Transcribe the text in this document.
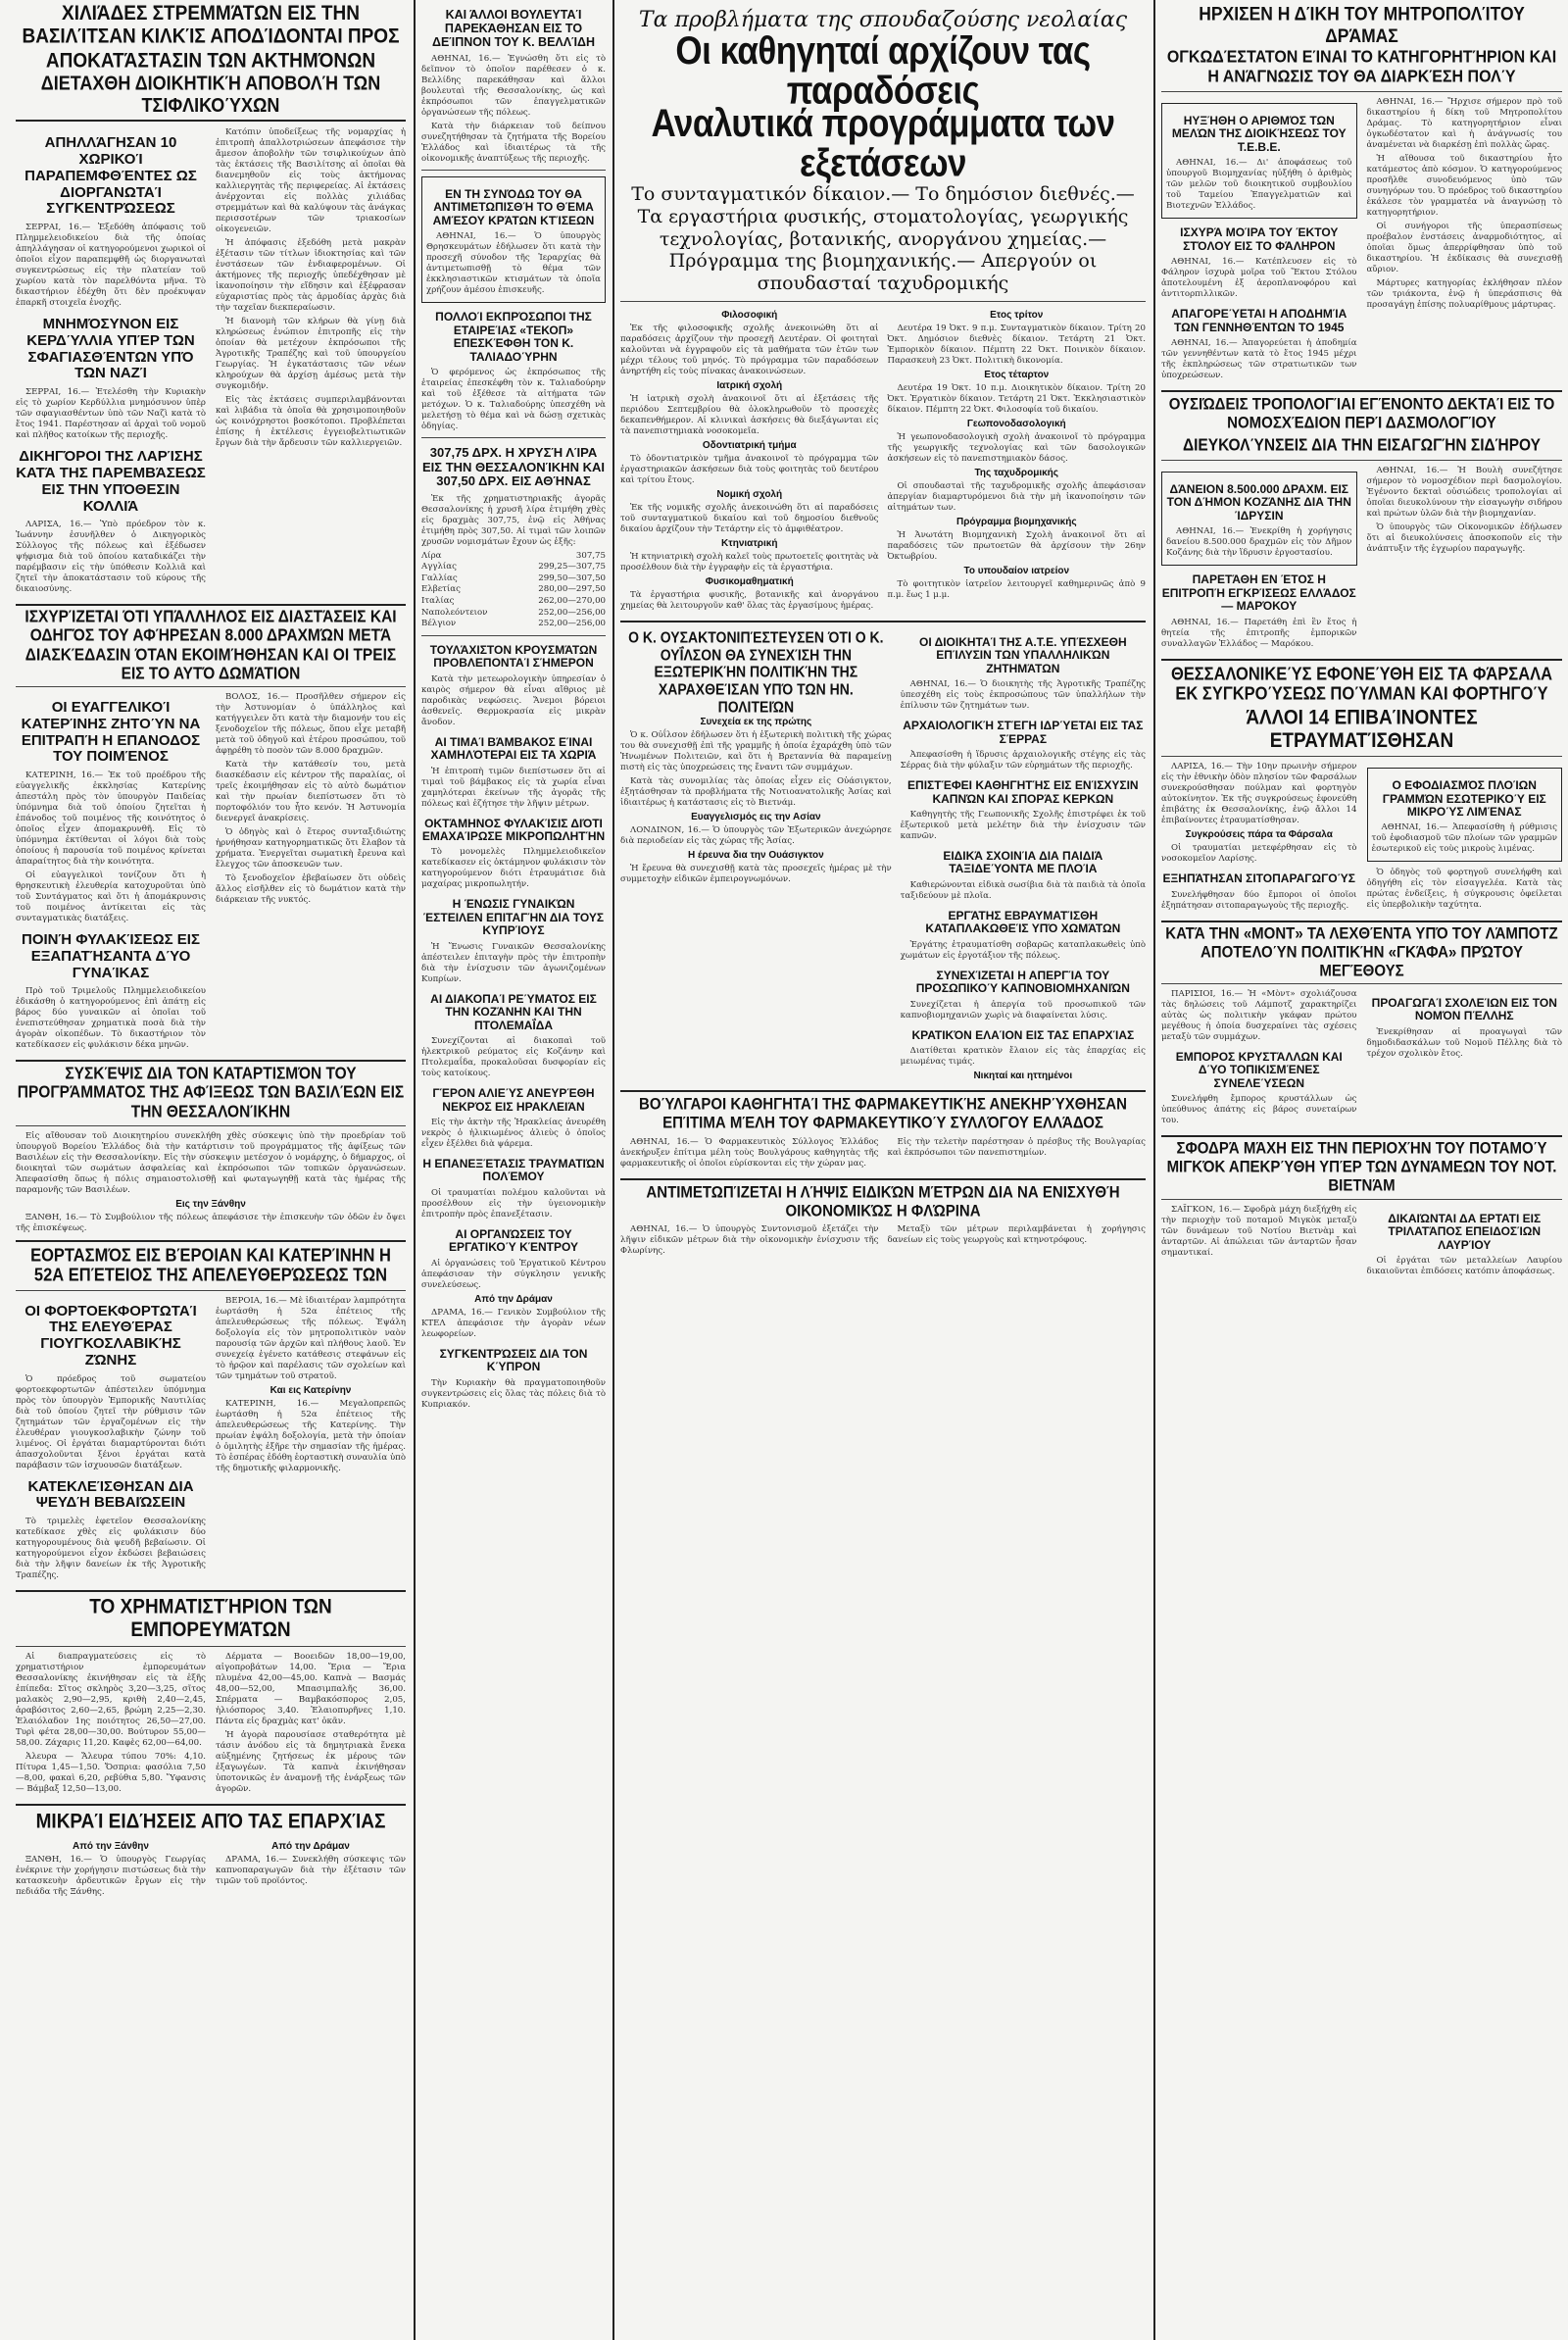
ΧΙΛΙΆΔΕΣ ΣΤΡΕΜΜΆΤΩΝ ΕΙΣ ΤΗΝ ΒΑΣΙΛΊΤΣΑΝ ΚΙΛΚΊΣ ΑΠΟΔΊΔΟΝΤΑΙ ΠΡΟΣ ΑΠΟΚΑΤΆΣΤΑΣΙΝ ΤΩΝ ΑΚΤΗΜΌΝΩΝ
ΔΙΕΤΑΧΘΗ ΔΙΟΙΚΗΤΙΚΉ ΑΠΟΒΟΛΉ ΤΩΝ ΤΣΙΦΛΙΚΟΎΧΩΝ
ΑΠΗΛΛΆΓΗΣΑΝ 10 ΧΩΡΙΚΟΊ ΠΑΡΑΠΕΜΦΘΈΝΤΕΣ ΩΣ ΔΙΟΡΓΑΝΩΤΑΊ ΣΥΓΚΕΝΤΡΏΣΕΩΣ

ΣΕΡΡΑΙ, 16.— Ἐξεδόθη ἀπόφασις τοῦ Πλημμελειοδικείου διὰ τῆς ὁποίας ἀπηλλάγησαν οἱ κατηγορούμενοι χωρικοὶ οἱ ὁποῖοι εἶχον παραπεμφθῆ ὡς διοργανωταὶ συγκεντρώσεως εἰς τὴν πλατείαν τοῦ χωρίου κατὰ τὸν παρελθόντα μῆνα. Τὸ δικαστήριον ἐδέχθη ὅτι δὲν προέκυψαν ἐπαρκῆ στοιχεῖα ἐνοχῆς.

ΜΝΗΜΌΣΥΝΟΝ ΕΙΣ ΚΕΡΔΎΛΛΙΑ ΥΠΈΡ ΤΩΝ ΣΦΑΓΙΑΣΘΈΝΤΩΝ ΥΠΌ ΤΩΝ ΝΑΖΊ

ΣΕΡΡΑΙ, 16.— Ἐτελέσθη τὴν Κυριακὴν εἰς τὸ χωρίον Κερδύλλια μνημόσυνον ὑπὲρ τῶν σφαγιασθέντων ὑπὸ τῶν Ναζὶ κατὰ τὸ ἔτος 1941. Παρέστησαν αἱ ἀρχαὶ τοῦ νομοῦ καὶ πλῆθος κατοίκων τῆς περιοχῆς.

ΔΙΚΗΓΌΡΟΙ ΤΗΣ ΛΑΡΊΣΗΣ ΚΑΤΆ ΤΗΣ ΠΑΡΕΜΒΆΣΕΩΣ ΕΙΣ ΤΗΝ ΥΠΌΘΕΣΙΝ ΚΟΛΛΙΆ

ΛΑΡΙΣΑ, 16.— Ὑπὸ πρόεδρον τὸν κ. Ἰωάννην ἐσυνῆλθεν ὁ Δικηγορικὸς Σύλλογος τῆς πόλεως καὶ ἐξέδωσεν ψήφισμα διὰ τοῦ ὁποίου καταδικάζει τὴν παρέμβασιν εἰς τὴν ὑπόθεσιν Κολλιᾶ καὶ ζητεῖ τὴν ἀποκατάστασιν τοῦ κύρους τῆς δικαιοσύνης.

Κατόπιν ὑποδείξεως τῆς νομαρχίας ἡ ἐπιτροπὴ ἀπαλλοτριώσεων ἀπεφάσισε τὴν ἄμεσον ἀποβολὴν τῶν τσιφλικούχων ἀπὸ τὰς ἐκτάσεις τῆς Βασιλίτσης αἱ ὁποῖαι θὰ διανεμηθοῦν εἰς τοὺς ἀκτήμονας καλλιεργητὰς τῆς περιφερείας. Αἱ ἐκτάσεις ἀνέρχονται εἰς πολλὰς χιλιάδας στρεμμάτων καὶ θὰ καλύψουν τὰς ἀνάγκας περισσοτέρων τῶν τριακοσίων οἰκογενειῶν.

Ἡ ἀπόφασις ἐξεδόθη μετὰ μακρὰν ἐξέτασιν τῶν τίτλων ἰδιοκτησίας καὶ τῶν ἐνστάσεων τῶν ἐνδιαφερομένων. Οἱ ἀκτήμονες τῆς περιοχῆς ὑπεδέχθησαν μὲ ἱκανοποίησιν τὴν εἴδησιν καὶ ἐξέφρασαν εὐχαριστίας πρὸς τὰς ἀρμοδίας ἀρχὰς διὰ τὴν ταχεῖαν διεκπεραίωσιν.

Ἡ διανομὴ τῶν κλήρων θὰ γίνῃ διὰ κληρώσεως ἐνώπιον ἐπιτροπῆς εἰς τὴν ὁποίαν θὰ μετέχουν ἐκπρόσωποι τῆς Ἀγροτικῆς Τραπέζης καὶ τοῦ ὑπουργείου Γεωργίας. Ἡ ἐγκατάστασις τῶν νέων κληρούχων θὰ ἀρχίσῃ ἀμέσως μετὰ τὴν συγκομιδήν.

Εἰς τὰς ἐκτάσεις συμπεριλαμβάνονται καὶ λιβάδια τὰ ὁποῖα θὰ χρησιμοποιηθοῦν ὡς κοινόχρηστοι βοσκότοποι. Προβλέπεται ἐπίσης ἡ ἐκτέλεσις ἐγγειοβελτιωτικῶν ἔργων διὰ τὴν ἄρδευσιν τῶν καλλιεργειῶν.

ΙΣΧΥΡΊΖΕΤΑΙ ΌΤΙ ΥΠΆΛΛΗΛΟΣ ΕΙΣ ΔΙΑΣΤΆΣΕΙΣ ΚΑΙ ΟΔΗΓΌΣ ΤΟΥ ΑΦΉΡΕΣΑΝ 8.000 ΔΡΑΧΜΏΝ ΜΕΤΆ ΔΙΑΣΚΈΔΑΣΙΝ ΌΤΑΝ ΕΚΟΙΜΉΘΗΣΑΝ ΚΑΙ ΟΙ ΤΡΕΙΣ ΕΙΣ ΤΟ ΑΥΤΌ ΔΩΜΆΤΙΟΝ
ΟΙ ΕΥΑΓΓΕΛΙΚΟΊ ΚΑΤΕΡΊΝΗΣ ΖΗΤΟΎΝ ΝΑ ΕΠΙΤΡΑΠΉ Η ΕΠΑΝΟΔΟΣ ΤΟΥ ΠΟΙΜΈΝΟΣ

ΚΑΤΕΡΙΝΗ, 16.— Ἐκ τοῦ προέδρου τῆς εὐαγγελικῆς ἐκκλησίας Κατερίνης ἀπεστάλη πρὸς τὸν ὑπουργὸν Παιδείας ὑπόμνημα διὰ τοῦ ὁποίου ζητεῖται ἡ ἐπάνοδος τοῦ ποιμένος τῆς κοινότητος ὁ ὁποῖος εἶχεν ἀπομακρυνθῆ. Εἰς τὸ ὑπόμνημα ἐκτίθενται οἱ λόγοι διὰ τοὺς ὁποίους ἡ παρουσία τοῦ ποιμένος κρίνεται ἀπαραίτητος διὰ τὴν κοινότητα.

Οἱ εὐαγγελικοὶ τονίζουν ὅτι ἡ θρησκευτικὴ ἐλευθερία κατοχυροῦται ὑπὸ τοῦ Συντάγματος καὶ ὅτι ἡ ἀπομάκρυνσις τοῦ ποιμένος ἀντίκειται εἰς τὰς συνταγματικὰς διατάξεις.

ΠΟΙΝΉ ΦΥΛΑΚΊΣΕΩΣ ΕΙΣ ΕΞΑΠΑΤΉΣΑΝΤΑ ΔΎΟ ΓΥΝΑΊΚΑΣ

Πρὸ τοῦ Τριμελοῦς Πλημμελειοδικείου ἐδικάσθη ὁ κατηγορούμενος ἐπὶ ἀπάτῃ εἰς βάρος δύο γυναικῶν αἱ ὁποῖαι τοῦ ἐνεπιστεύθησαν χρηματικὰ ποσὰ διὰ τὴν ἀγορὰν οἰκοπέδων. Τὸ δικαστήριον τὸν κατεδίκασεν εἰς φυλάκισιν δέκα μηνῶν.

ΒΟΛΟΣ, 16.— Προσῆλθεν σήμερον εἰς τὴν Ἀστυνομίαν ὁ ὑπάλληλος καὶ κατήγγειλεν ὅτι κατὰ τὴν διαμονήν του εἰς ξενοδοχεῖον τῆς πόλεως, ὅπου εἶχε μεταβῆ μετὰ τοῦ ὁδηγοῦ καὶ ἑτέρου προσώπου, τοῦ ἀφῃρέθη τὸ ποσὸν τῶν 8.000 δραχμῶν.

Κατὰ τὴν κατάθεσίν του, μετὰ διασκέδασιν εἰς κέντρον τῆς παραλίας, οἱ τρεῖς ἐκοιμήθησαν εἰς τὸ αὐτὸ δωμάτιον καὶ τὴν πρωίαν διεπίστωσεν ὅτι τὸ πορτοφόλιόν του ἦτο κενόν. Ἡ Ἀστυνομία διενεργεῖ ἀνακρίσεις.

Ὁ ὁδηγὸς καὶ ὁ ἕτερος συνταξιδιώτης ἠρνήθησαν κατηγορηματικῶς ὅτι ἔλαβον τὰ χρήματα. Ἐνεργεῖται σωματικὴ ἔρευνα καὶ ἔλεγχος τῶν ἀποσκευῶν των.

Τὸ ξενοδοχεῖον ἐβεβαίωσεν ὅτι οὐδεὶς ἄλλος εἰσῆλθεν εἰς τὸ δωμάτιον κατὰ τὴν διάρκειαν τῆς νυκτός.

ΣΥΣΚΈΨΙΣ ΔΙΑ ΤΟΝ ΚΑΤΑΡΤΙΣΜΌΝ ΤΟΥ ΠΡΟΓΡΆΜΜΑΤΟΣ ΤΗΣ ΑΦΊΞΕΩΣ ΤΩΝ ΒΑΣΙΛΈΩΝ ΕΙΣ ΤΗΝ ΘΕΣΣΑΛΟΝΊΚΗΝ

Εἰς αἴθουσαν τοῦ Διοικητηρίου συνεκλήθη χθὲς σύσκεψις ὑπὸ τὴν προεδρίαν τοῦ ὑπουργοῦ Βορείου Ἑλλάδος διὰ τὴν κατάρτισιν τοῦ προγράμματος τῆς ἀφίξεως τῶν Βασιλέων εἰς τὴν Θεσσαλονίκην. Εἰς τὴν σύσκεψιν μετέσχον ὁ νομάρχης, ὁ δήμαρχος, οἱ διοικηταὶ τῶν σωμάτων ἀσφαλείας καὶ ἐκπρόσωποι τῶν τοπικῶν ὀργανώσεων. Ἀπεφασίσθη ὅπως ἡ πόλις σημαιοστολισθῇ καὶ φωταγωγηθῇ κατὰ τὰς ἡμέρας τῆς παραμονῆς τῶν Βασιλέων.

Εις την Ξάνθην

ΞΑΝΘΗ, 16.— Τὸ Συμβούλιον τῆς πόλεως ἀπεφάσισε τὴν ἐπισκευὴν τῶν ὁδῶν ἐν ὄψει τῆς ἐπισκέψεως.

ΕΟΡΤΑΣΜΌΣ ΕΙΣ ΒΈΡΟΙΑΝ ΚΑΙ ΚΑΤΕΡΊΝΗΝ Η 52Α ΕΠΈΤΕΙΟΣ ΤΗΣ ΑΠΕΛΕΥΘΕΡΏΣΕΩΣ ΤΩΝ
ΟΙ ΦΟΡΤΟΕΚΦΟΡΤΩΤΑΊ ΤΗΣ ΕΛΕΥΘΈΡΑΣ ΓΙΟΥΓΚΟΣΛΑΒΙΚΉΣ ΖΏΝΗΣ

Ὁ πρόεδρος τοῦ σωματείου φορτοεκφορτωτῶν ἀπέστειλεν ὑπόμνημα πρὸς τὸν ὑπουργὸν Ἐμπορικῆς Ναυτιλίας διὰ τοῦ ὁποίου ζητεῖ τὴν ρύθμισιν τῶν ζητημάτων τῶν ἐργαζομένων εἰς τὴν ἐλευθέραν γιουγκοσλαβικὴν ζώνην τοῦ λιμένος. Οἱ ἐργάται διαμαρτύρονται διότι ἀπασχολοῦνται ξένοι ἐργάται κατὰ παράβασιν τῶν ἰσχυουσῶν διατάξεων.

ΚΑΤΕΚΛΕΊΣΘΗΣΑΝ ΔΙΑ ΨΕΥΔΉ ΒΕΒΑΙΏΣΕΙΝ

Τὸ τριμελὲς ἐφετεῖον Θεσσαλονίκης κατεδίκασε χθὲς εἰς φυλάκισιν δύο κατηγορουμένους διὰ ψευδῆ βεβαίωσιν. Οἱ κατηγορούμενοι εἶχον ἐκδώσει βεβαιώσεις διὰ τὴν λῆψιν δανείων ἐκ τῆς Ἀγροτικῆς Τραπέζης.

ΒΕΡΟΙΑ, 16.— Μὲ ἰδιαιτέραν λαμπρότητα ἑωρτάσθη ἡ 52α ἐπέτειος τῆς ἀπελευθερώσεως τῆς πόλεως. Ἐψάλη δοξολογία εἰς τὸν μητροπολιτικὸν ναὸν παρουσίᾳ τῶν ἀρχῶν καὶ πλήθους λαοῦ. Ἐν συνεχείᾳ ἐγένετο κατάθεσις στεφάνων εἰς τὸ ἡρῷον καὶ παρέλασις τῶν σχολείων καὶ τῶν τμημάτων τοῦ στρατοῦ.

Και εις Κατερίνην

ΚΑΤΕΡΙΝΗ, 16.— Μεγαλοπρεπῶς ἑωρτάσθη ἡ 52α ἐπέτειος τῆς ἀπελευθερώσεως τῆς Κατερίνης. Τὴν πρωίαν ἐψάλη δοξολογία, μετὰ τὴν ὁποίαν ὁ ὁμιλητὴς ἐξῆρε τὴν σημασίαν τῆς ἡμέρας. Τὸ ἑσπέρας ἐδόθη ἑορταστικὴ συναυλία ὑπὸ τῆς δημοτικῆς φιλαρμονικῆς.

ΤΟ ΧΡΗΜΑΤΙΣΤΉΡΙΟΝ ΤΩΝ ΕΜΠΟΡΕΥΜΆΤΩΝ

Αἱ διαπραγματεύσεις εἰς τὸ χρηματιστήριον ἐμπορευμάτων Θεσσαλονίκης ἐκινήθησαν εἰς τὰ ἑξῆς ἐπίπεδα: Σῖτος σκληρὸς 3,20—3,25, σῖτος μαλακὸς 2,90—2,95, κριθὴ 2,40—2,45, ἀραβόσιτος 2,60—2,65, βρώμη 2,25—2,30. Ἐλαιόλαδον 1ης ποιότητος 26,50—27,00. Τυρὶ φέτα 28,00—30,00. Βούτυρον 55,00—58,00. Ζάχαρις 11,20. Καφὲς 62,00—64,00.

Ἀλευρα — Ἄλευρα τύπου 70%: 4,10. Πίτυρα 1,45—1,50. Ὄσπρια: φασόλια 7,50—8,00, φακαὶ 6,20, ρεβύθια 5,80. Ὕφανσις — Βάμβαξ 12,50—13,00.

Δέρματα — Βοοειδῶν 18,00—19,00, αἰγοπροβάτων 14,00. Ἔρια — Ἔρια πλυμένα 42,00—45,00. Καπνὰ — Βασμάς 48,00—52,00, Μπασιμπαλῆς 36,00. Σπέρματα — Βαμβακόσπορος 2,05, ἡλιόσπορος 3,40. Ἐλαιοπυρῆνες 1,10. Πάντα εἰς δραχμὰς κατ' ὀκᾶν.

Ἡ ἀγορὰ παρουσίασε σταθερότητα μὲ τάσιν ἀνόδου εἰς τὰ δημητριακὰ ἕνεκα αὐξημένης ζητήσεως ἐκ μέρους τῶν ἐξαγωγέων. Τὰ καπνὰ ἐκινήθησαν ὑποτονικῶς ἐν ἀναμονῇ τῆς ἐνάρξεως τῶν ἀγορῶν.

ΜΙΚΡΑΊ ΕΙΔΉΣΕΙΣ ΑΠΌ ΤΑΣ ΕΠΑΡΧΊΑΣ
Από την Ξάνθην

ΞΑΝΘΗ, 16.— Ὁ ὑπουργὸς Γεωργίας ἐνέκρινε τὴν χορήγησιν πιστώσεως διὰ τὴν κατασκευὴν ἀρδευτικῶν ἔργων εἰς τὴν πεδιάδα τῆς Ξάνθης.

Από την Δράμαν

ΔΡΑΜΑ, 16.— Συνεκλήθη σύσκεψις τῶν καπνοπαραγωγῶν διὰ τὴν ἐξέτασιν τῶν τιμῶν τοῦ προϊόντος.

ΚΑΙ ΆΛΛΟΙ ΒΟΥΛΕΥΤΑΊ ΠΑΡΕΚΆΘΗΣΑΝ ΕΙΣ ΤΟ ΔΕΊΠΝΟΝ ΤΟΥ Κ. ΒΕΛΛΊΔΗ

ΑΘΗΝΑΙ, 16.— Ἐγνώσθη ὅτι εἰς τὸ δεῖπνον τὸ ὁποῖον παρέθεσεν ὁ κ. Βελλίδης παρεκάθησαν καὶ ἄλλοι βουλευταὶ τῆς Θεσσαλονίκης, ὡς καὶ ἐκπρόσωποι τῶν ἐπαγγελματικῶν ὀργανώσεων τῆς πόλεως.

Κατὰ τὴν διάρκειαν τοῦ δείπνου συνεζητήθησαν τὰ ζητήματα τῆς Βορείου Ἑλλάδος καὶ ἰδιαιτέρως τὰ τῆς οἰκονομικῆς ἀναπτύξεως τῆς περιοχῆς.

ΕΝ ΤΗ ΣΥΝΌΔΩ ΤΟΥ ΘΑ ΑΝΤΙΜΕΤΩΠΙΣΘΉ ΤΟ ΘΈΜΑ ΑΜΈΣΟΥ ΚΡΆΤΩΝ ΚΤΊΣΕΩΝ

ΑΘΗΝΑΙ, 16.— Ὁ ὑπουργὸς Θρησκευμάτων ἐδήλωσεν ὅτι κατὰ τὴν προσεχῆ σύνοδον τῆς Ἱεραρχίας θὰ ἀντιμετωπισθῇ τὸ θέμα τῶν ἐκκλησιαστικῶν κτισμάτων τὰ ὁποῖα χρήζουν ἀμέσου ἐπισκευῆς.

ΠΟΛΛΟΊ ΕΚΠΡΌΣΩΠΟΙ ΤΗΣ ΕΤΑΙΡΕΊΑΣ «ΤΕΚΟΠ» ΕΠΕΣΚΈΦΘΗ ΤΟΝ Κ. ΤΑΛΙΑΔΟΎΡΗΝ

Ὁ φερόμενος ὡς ἐκπρόσωπος τῆς ἑταιρείας ἐπεσκέφθη τὸν κ. Ταλιαδούρην καὶ τοῦ ἐξέθεσε τὰ αἰτήματα τῶν μετόχων. Ὁ κ. Ταλιαδούρης ὑπεσχέθη νὰ μελετήσῃ τὸ θέμα καὶ νὰ δώσῃ σχετικὰς ὁδηγίας.

307,75 ΔΡΧ. Η ΧΡΥΣΉ ΛΊΡΑ ΕΙΣ ΤΗΝ ΘΕΣΣΑΛΟΝΊΚΗΝ ΚΑΙ 307,50 ΔΡΧ. ΕΙΣ ΑΘΉΝΑΣ

Ἐκ τῆς χρηματιστηριακῆς ἀγορᾶς Θεσσαλονίκης ἡ χρυσῆ λίρα ἐτιμήθη χθὲς εἰς δραχμὰς 307,75, ἐνῷ εἰς Ἀθήνας ἐτιμήθη πρὸς 307,50. Αἱ τιμαὶ τῶν λοιπῶν χρυσῶν νομισμάτων ἔχουν ὡς ἑξῆς:

Λίρα	307,75
Αγγλίας	299,25—307,75
Γαλλίας	299,50—307,50
Ελβετίας	280,00—297,50
Ιταλίας	262,00—270,00
Ναπολεόντειον	252,00—256,00
Βέλγιον	252,00—256,00
ΤΟΥΛΆΧΙΣΤΟΝ ΚΡΟΥΣΜΆΤΩΝ ΠΡΟΒΛΕΠΟΝΤΑΊ ΣΉΜΕΡΟΝ

Κατὰ τὴν μετεωρολογικὴν ὑπηρεσίαν ὁ καιρὸς σήμερον θὰ εἶναι αἴθριος μὲ παροδικὰς νεφώσεις. Ἄνεμοι βόρειοι ἀσθενεῖς. Θερμοκρασία εἰς μικρὰν ἄνοδον.

ΑΙ ΤΙΜΑΊ ΒΆΜΒΑΚΟΣ ΕΊΝΑΙ ΧΑΜΗΛΌΤΕΡΑΙ ΕΙΣ ΤΑ ΧΩΡΙΆ

Ἡ ἐπιτροπὴ τιμῶν διεπίστωσεν ὅτι αἱ τιμαὶ τοῦ βάμβακος εἰς τὰ χωρία εἶναι χαμηλότεραι ἐκείνων τῆς ἀγορᾶς τῆς πόλεως καὶ ἐζήτησε τὴν λῆψιν μέτρων.

ΟΚΤΆΜΗΝΟΣ ΦΥΛΑΚΊΣΙΣ ΔΙΌΤΙ ΕΜΑΧΑΊΡΩΣΕ ΜΙΚΡΟΠΩΛΗΤΉΝ

Τὸ μονομελὲς Πλημμελειοδικεῖον κατεδίκασεν εἰς ὀκτάμηνον φυλάκισιν τὸν κατηγορούμενον διότι ἐτραυμάτισε διὰ μαχαίρας μικροπωλητήν.

Η ΈΝΩΣΙΣ ΓΥΝΑΙΚΏΝ ΈΣΤΕΙΛΕΝ ΕΠΙΤΑΓΉΝ ΔΙΑ ΤΟΥΣ ΚΥΠΡΊΟΥΣ

Ἡ Ἕνωσις Γυναικῶν Θεσσαλονίκης ἀπέστειλεν ἐπιταγὴν πρὸς τὴν ἐπιτροπὴν διὰ τὴν ἐνίσχυσιν τῶν ἀγωνιζομένων Κυπρίων.

ΑΙ ΔΙΑΚΟΠΑΊ ΡΕΎΜΑΤΟΣ ΕΙΣ ΤΗΝ ΚΟΖΆΝΗΝ ΚΑΙ ΤΗΝ ΠΤΟΛΕΜΑΪ́ΔΑ

Συνεχίζονται αἱ διακοπαὶ τοῦ ἠλεκτρικοῦ ρεύματος εἰς Κοζάνην καὶ Πτολεμαΐδα, προκαλοῦσαι δυσφορίαν εἰς τοὺς κατοίκους.

ΓΈΡΟΝ ΑΛΙΕΎΣ ΑΝΕΥΡΈΘΗ ΝΕΚΡΌΣ ΕΙΣ ΗΡΑΚΛΕΙΆΝ

Εἰς τὴν ἀκτὴν τῆς Ἡρακλείας ἀνευρέθη νεκρὸς ὁ ἡλικιωμένος ἁλιεὺς ὁ ὁποῖος εἶχεν ἐξέλθει διὰ ψάρεμα.

Η ΕΠΑΝΕΞΈΤΑΣΙΣ ΤΡΑΥΜΑΤΙΏΝ ΠΟΛΈΜΟΥ

Οἱ τραυματίαι πολέμου καλοῦνται νὰ προσέλθουν εἰς τὴν ὑγειονομικὴν ἐπιτροπὴν πρὸς ἐπανεξέτασιν.

ΑΙ ΟΡΓΑΝΏΣΕΙΣ ΤΟΥ ΕΡΓΑΤΙΚΟΎ ΚΈΝΤΡΟΥ

Αἱ ὀργανώσεις τοῦ Ἐργατικοῦ Κέντρου ἀπεφάσισαν τὴν σύγκλησιν γενικῆς συνελεύσεως.

Από την Δράμαν

ΔΡΑΜΑ, 16.— Γενικὸν Συμβούλιον τῆς ΚΤΕΛ ἀπεφάσισε τὴν ἀγορὰν νέων λεωφορείων.

ΣΥΓΚΕΝΤΡΏΣΕΙΣ ΔΙΑ ΤΟΝ ΚΎΠΡΟΝ

Τὴν Κυριακὴν θὰ πραγματοποιηθοῦν συγκεντρώσεις εἰς ὅλας τὰς πόλεις διὰ τὸ Κυπριακόν.

Τα προβλήματα της σπουδαζούσης νεολαίας
Οι καθηγηταί αρχίζουν τας παραδόσεις
Αναλυτικά προγράμματα των εξετάσεων
Το συνταγματικόν δίκαιον.— Το δημόσιον διεθνές.— Τα εργαστήρια φυσικής, στοματολογίας, γεωργικής τεχνολογίας, βοτανικής, ανοργάνου χημείας.— Πρόγραμμα της βιομηχανικής.— Απεργούν οι σπουδασταί ταχυδρομικής
Φιλοσοφική

Ἐκ τῆς φιλοσοφικῆς σχολῆς ἀνεκοινώθη ὅτι αἱ παραδόσεις ἀρχίζουν τὴν προσεχῆ Δευτέραν. Οἱ φοιτηταὶ καλοῦνται νὰ ἐγγραφοῦν εἰς τὰ μαθήματα τῶν ἐτῶν των μέχρι τέλους τοῦ μηνός. Τὸ πρόγραμμα τῶν παραδόσεων ἀνηρτήθη εἰς τοὺς πίνακας ἀνακοινώσεων.

Ιατρική σχολή

Ἡ ἰατρικὴ σχολὴ ἀνακοινοῖ ὅτι αἱ ἐξετάσεις τῆς περιόδου Σεπτεμβρίου θὰ ὁλοκληρωθοῦν τὸ προσεχὲς δεκαπενθήμερον. Αἱ κλινικαὶ ἀσκήσεις θὰ διεξάγωνται εἰς τὰ πανεπιστημιακὰ νοσοκομεῖα.

Οδοντιατρική τμήμα

Τὸ ὀδοντιατρικὸν τμῆμα ἀνακοινοῖ τὸ πρόγραμμα τῶν ἐργαστηριακῶν ἀσκήσεων διὰ τοὺς φοιτητὰς τοῦ δευτέρου καὶ τρίτου ἔτους.

Νομική σχολή

Ἐκ τῆς νομικῆς σχολῆς ἀνεκοινώθη ὅτι αἱ παραδόσεις τοῦ συνταγματικοῦ δικαίου καὶ τοῦ δημοσίου διεθνοῦς δικαίου ἀρχίζουν τὴν Τετάρτην εἰς τὸ ἀμφιθέατρον.

Κτηνιατρική

Ἡ κτηνιατρικὴ σχολὴ καλεῖ τοὺς πρωτοετεῖς φοιτητὰς νὰ προσέλθουν διὰ τὴν ἐγγραφὴν εἰς τὰ ἐργαστήρια.

Φυσικομαθηματική

Τὰ ἐργαστήρια φυσικῆς, βοτανικῆς καὶ ἀνοργάνου χημείας θὰ λειτουργοῦν καθ' ὅλας τὰς ἐργασίμους ἡμέρας.

Ετος τρίτον

Δευτέρα 19 Ὀκτ. 9 π.μ. Συνταγματικὸν δίκαιον. Τρίτη 20 Ὀκτ. Δημόσιον διεθνὲς δίκαιον. Τετάρτη 21 Ὀκτ. Ἐμπορικὸν δίκαιον. Πέμπτη 22 Ὀκτ. Ποινικὸν δίκαιον. Παρασκευὴ 23 Ὀκτ. Πολιτικὴ δικονομία.

Ετος τέταρτον

Δευτέρα 19 Ὀκτ. 10 π.μ. Διοικητικὸν δίκαιον. Τρίτη 20 Ὀκτ. Ἐργατικὸν δίκαιον. Τετάρτη 21 Ὀκτ. Ἐκκλησιαστικὸν δίκαιον. Πέμπτη 22 Ὀκτ. Φιλοσοφία τοῦ δικαίου.

Γεωπονοδασολογική

Ἡ γεωπονοδασολογικὴ σχολὴ ἀνακοινοῖ τὸ πρόγραμμα τῆς γεωργικῆς τεχνολογίας καὶ τῶν δασολογικῶν ἀσκήσεων εἰς τὸ πανεπιστημιακὸν δάσος.

Της ταχυδρομικής

Οἱ σπουδασταὶ τῆς ταχυδρομικῆς σχολῆς ἀπεφάσισαν ἀπεργίαν διαμαρτυρόμενοι διὰ τὴν μὴ ἱκανοποίησιν τῶν αἰτημάτων των.

Πρόγραμμα βιομηχανικής

Ἡ Ἀνωτάτη Βιομηχανικὴ Σχολὴ ἀνακοινοῖ ὅτι αἱ παραδόσεις τῶν πρωτοετῶν θὰ ἀρχίσουν τὴν 26ην Ὀκτωβρίου.

Το υπουδαίον ιατρείον

Τὸ φοιτητικὸν ἰατρεῖον λειτουργεῖ καθημερινῶς ἀπὸ 9 π.μ. ἕως 1 μ.μ.

Ο Κ. ΟΥΣΑΚΤΟΝΙΠΈΣΤΕΥΣΕΝ ΌΤΙ Ο Κ. ΟΥΪ́ΛΣΟΝ ΘΑ ΣΥΝΕΧΊΣΗ ΤΗΝ ΕΞΩΤΕΡΙΚΉΝ ΠΟΛΙΤΙΚΉΝ ΤΗΣ ΧΑΡΑΧΘΕΊΣΑΝ ΥΠΌ ΤΩΝ ΗΝ. ΠΟΛΙΤΕΙΏΝ
Συνεχεία εκ της πρώτης

Ὁ κ. Οὐΐλσον ἐδήλωσεν ὅτι ἡ ἐξωτερικὴ πολιτικὴ τῆς χώρας του θὰ συνεχισθῇ ἐπὶ τῆς γραμμῆς ἡ ὁποία ἐχαράχθη ὑπὸ τῶν Ἡνωμένων Πολιτειῶν, καὶ ὅτι ἡ Βρεταννία θὰ παραμείνῃ πιστὴ εἰς τὰς ὑποχρεώσεις της ἔναντι τῶν συμμάχων.

Κατὰ τὰς συνομιλίας τὰς ὁποίας εἶχεν εἰς Οὐάσιγκτον, ἐξητάσθησαν τὰ προβλήματα τῆς Νοτιοανατολικῆς Ἀσίας καὶ ἰδιαιτέρως ἡ κατάστασις εἰς τὸ Βιετνάμ.

Ευαγγελισμός εις την Ασίαν

ΛΟΝΔΙΝΟΝ, 16.— Ὁ ὑπουργὸς τῶν Ἐξωτερικῶν ἀνεχώρησε διὰ περιοδείαν εἰς τὰς χώρας τῆς Ἀσίας.

Η έρευνα δια την Ουάσιγκτον

Ἡ ἔρευνα θὰ συνεχισθῇ κατὰ τὰς προσεχεῖς ἡμέρας μὲ τὴν συμμετοχὴν εἰδικῶν ἐμπειρογνωμόνων.

ΟΙ ΔΙΟΙΚΗΤΑΊ ΤΗΣ Α.Τ.Ε. ΥΠΈΣΧΕΘΗ ΕΠΊΛΥΣΙΝ ΤΩΝ ΥΠΑΛΛΗΛΙΚΏΝ ΖΗΤΗΜΆΤΩΝ

ΑΘΗΝΑΙ, 16.— Ὁ διοικητὴς τῆς Ἀγροτικῆς Τραπέζης ὑπεσχέθη εἰς τοὺς ἐκπροσώπους τῶν ὑπαλλήλων τὴν ἐπίλυσιν τῶν ζητημάτων των.

ΑΡΧΑΙΟΛΟΓΙΚΉ ΣΤΈΓΗ ΙΔΡΎΕΤΑΙ ΕΙΣ ΤΑΣ ΣΈΡΡΑΣ

Ἀπεφασίσθη ἡ ἵδρυσις ἀρχαιολογικῆς στέγης εἰς τὰς Σέρρας διὰ τὴν φύλαξιν τῶν εὑρημάτων τῆς περιοχῆς.

ΕΠΙΣΤΈΦΕΙ ΚΑΘΗΓΗΤΉΣ ΕΙΣ ΕΝΊΣΧΥΣΙΝ ΚΑΠΝΏΝ ΚΑΙ ΣΠΟΡΆΣ ΚΕΡΚΩΝ

Καθηγητὴς τῆς Γεωπονικῆς Σχολῆς ἐπιστρέφει ἐκ τοῦ ἐξωτερικοῦ μετὰ μελέτην διὰ τὴν ἐνίσχυσιν τῶν καπνῶν.

ΕΙΔΙΚΆ ΣΧΟΙΝΊΑ ΔΙΑ ΠΑΙΔΙΆ ΤΑΞΙΔΕΎΟΝΤΑ ΜΕ ΠΛΟΊΑ

Καθιερώνονται εἰδικὰ σωσίβια διὰ τὰ παιδιὰ τὰ ὁποῖα ταξιδεύουν μὲ πλοῖα.

ΕΡΓΆΤΗΣ ΕΒΡΑΥΜΑΤΊΣΘΗ ΚΑΤΑΠΛΑΚΩΘΕΊΣ ΥΠΌ ΧΩΜΆΤΩΝ

Ἐργάτης ἐτραυματίσθη σοβαρῶς καταπλακωθεὶς ὑπὸ χωμάτων εἰς ἐργοτάξιον τῆς πόλεως.

ΣΥΝΕΧΊΖΕΤΑΙ Η ΑΠΕΡΓΊΑ ΤΟΥ ΠΡΟΣΩΠΙΚΟΎ ΚΑΠΝΟΒΙΟΜΗΧΑΝΙΏΝ

Συνεχίζεται ἡ ἀπεργία τοῦ προσωπικοῦ τῶν καπνοβιομηχανιῶν χωρὶς νὰ διαφαίνεται λύσις.

ΚΡΑΤΙΚΌΝ ΕΛΑΊΟΝ ΕΙΣ ΤΑΣ ΕΠΑΡΧΊΑΣ

Διατίθεται κρατικὸν ἔλαιον εἰς τὰς ἐπαρχίας εἰς μειωμένας τιμάς.

Νικηταί και ηττημένοι
ΒΟΎΛΓΑΡΟΙ ΚΑΘΗΓΗΤΑΊ ΤΗΣ ΦΑΡΜΑΚΕΥΤΙΚΉΣ ΑΝΕΚΗΡΎΧΘΗΣΑΝ ΕΠΊΤΙΜΑ ΜΈΛΗ ΤΟΥ ΦΑΡΜΑΚΕΥΤΙΚΟΎ ΣΥΛΛΌΓΟΥ ΕΛΛΆΔΟΣ

ΑΘΗΝΑΙ, 16.— Ὁ Φαρμακευτικὸς Σύλλογος Ἑλλάδος ἀνεκήρυξεν ἐπίτιμα μέλη τοὺς Βουλγάρους καθηγητὰς τῆς φαρμακευτικῆς οἱ ὁποῖοι εὑρίσκονται εἰς τὴν χώραν μας.

Εἰς τὴν τελετὴν παρέστησαν ὁ πρέσβυς τῆς Βουλγαρίας καὶ ἐκπρόσωποι τῶν πανεπιστημίων.

ΑΝΤΙΜΕΤΩΠΊΖΕΤΑΙ Η ΛΉΨΙΣ ΕΙΔΙΚΏΝ ΜΈΤΡΩΝ ΔΙΑ ΝΑ ΕΝΙΣΧΥΘΉ ΟΙΚΟΝΟΜΙΚΏΣ Η ΦΛΏΡΙΝΑ

ΑΘΗΝΑΙ, 16.— Ὁ ὑπουργὸς Συντονισμοῦ ἐξετάζει τὴν λῆψιν εἰδικῶν μέτρων διὰ τὴν οἰκονομικὴν ἐνίσχυσιν τῆς Φλωρίνης.

Μεταξὺ τῶν μέτρων περιλαμβάνεται ἡ χορήγησις δανείων εἰς τοὺς γεωργοὺς καὶ κτηνοτρόφους.

ΗΡΧΙΣΕΝ Η ΔΊΚΗ ΤΟΥ ΜΗΤΡΟΠΟΛΊΤΟΥ ΔΡΆΜΑΣ
ΟΓΚΩΔΈΣΤΑΤΟΝ ΕΊΝΑΙ ΤΟ ΚΑΤΗΓΟΡΗΤΉΡΙΟΝ ΚΑΙ Η ΑΝΆΓΝΩΣΙΣ ΤΟΥ ΘΑ ΔΙΑΡΚΈΣΗ ΠΟΛΎ
ΗΥΞΉΘΗ Ο ΑΡΙΘΜΌΣ ΤΩΝ ΜΕΛΏΝ ΤΗΣ ΔΙΟΙΚΉΣΕΩΣ ΤΟΥ Τ.Ε.Β.Ε.

ΑΘΗΝΑΙ, 16.— Δι' ἀποφάσεως τοῦ ὑπουργοῦ Βιομηχανίας ηὐξήθη ὁ ἀριθμὸς τῶν μελῶν τοῦ διοικητικοῦ συμβουλίου τοῦ Ταμείου Ἐπαγγελματιῶν καὶ Βιοτεχνῶν Ἑλλάδος.

ΙΣΧΥΡΆ ΜΟΊΡΑ ΤΟΥ ΈΚΤΟΥ ΣΤΌΛΟΥ ΕΙΣ ΤΟ ΦΆΛΗΡΟΝ

ΑΘΗΝΑΙ, 16.— Κατέπλευσεν εἰς τὸ Φάληρον ἰσχυρὰ μοῖρα τοῦ Ἕκτου Στόλου ἀποτελουμένη ἐξ ἀεροπλανοφόρου καὶ ἀντιτορπιλλικῶν.

ΑΠΑΓΟΡΕΎΕΤΑΙ Η ΑΠΟΔΗΜΊΑ ΤΩΝ ΓΕΝΝΗΘΈΝΤΩΝ ΤΟ 1945

ΑΘΗΝΑΙ, 16.— Ἀπαγορεύεται ἡ ἀποδημία τῶν γεννηθέντων κατὰ τὸ ἔτος 1945 μέχρι τῆς ἐκπληρώσεως τῶν στρατιωτικῶν των ὑποχρεώσεων.

ΑΘΗΝΑΙ, 16.— Ἤρχισε σήμερον πρὸ τοῦ δικαστηρίου ἡ δίκη τοῦ Μητροπολίτου Δράμας. Τὸ κατηγορητήριον εἶναι ὀγκωδέστατον καὶ ἡ ἀνάγνωσίς του ἀναμένεται νὰ διαρκέσῃ ἐπὶ πολλὰς ὥρας.

Ἡ αἴθουσα τοῦ δικαστηρίου ἦτο κατάμεστος ἀπὸ κόσμον. Ὁ κατηγορούμενος προσῆλθε συνοδευόμενος ὑπὸ τῶν συνηγόρων του. Ὁ πρόεδρος τοῦ δικαστηρίου ἐκάλεσε τὸν γραμματέα νὰ ἀναγνώσῃ τὸ κατηγορητήριον.

Οἱ συνήγοροι τῆς ὑπερασπίσεως προέβαλον ἐνστάσεις ἀναρμοδιότητος, αἱ ὁποῖαι ὅμως ἀπερρίφθησαν ὑπὸ τοῦ δικαστηρίου. Ἡ ἐκδίκασις θὰ συνεχισθῇ αὔριον.

Μάρτυρες κατηγορίας ἐκλήθησαν πλέον τῶν τριάκοντα, ἐνῷ ἡ ὑπεράσπισις θὰ προσαγάγῃ ἐπίσης πολυαρίθμους μάρτυρας.

ΟΥΣΙΏΔΕΙΣ ΤΡΟΠΟΛΟΓΊΑΙ ΕΓΈΝΟΝΤΟ ΔΕΚΤΑΊ ΕΙΣ ΤΟ ΝΟΜΟΣΧΈΔΙΟΝ ΠΕΡΊ ΔΑΣΜΟΛΟΓΊΟΥ
ΔΙΕΥΚΟΛΎΝΣΕΙΣ ΔΙΑ ΤΗΝ ΕΙΣΑΓΩΓΉΝ ΣΙΔΉΡΟΥ
ΔΆΝΕΙΟΝ 8.500.000 ΔΡΑΧΜ. ΕΙΣ ΤΟΝ ΔΉΜΟΝ ΚΟΖΆΝΗΣ ΔΙΑ ΤΗΝ ΊΔΡΥΣΙΝ

ΑΘΗΝΑΙ, 16.— Ἐνεκρίθη ἡ χορήγησις δανείου 8.500.000 δραχμῶν εἰς τὸν Δῆμον Κοζάνης διὰ τὴν ἵδρυσιν ἐργοστασίου.

ΠΑΡΕΤΆΘΗ ΕΝ ΈΤΟΣ Η ΕΠΙΤΡΟΠΉ ΕΓΚΡΊΣΕΩΣ ΕΛΛΆΔΟΣ — ΜΑΡΌΚΟΥ

ΑΘΗΝΑΙ, 16.— Παρετάθη ἐπὶ ἓν ἔτος ἡ θητεία τῆς ἐπιτροπῆς ἐμπορικῶν συναλλαγῶν Ἑλλάδος — Μαρόκου.

ΑΘΗΝΑΙ, 16.— Ἡ Βουλὴ συνεζήτησε σήμερον τὸ νομοσχέδιον περὶ δασμολογίου. Ἐγένοντο δεκταὶ οὐσιώδεις τροπολογίαι αἱ ὁποῖαι διευκολύνουν τὴν εἰσαγωγὴν σιδήρου καὶ πρώτων ὑλῶν διὰ τὴν βιομηχανίαν.

Ὁ ὑπουργὸς τῶν Οἰκονομικῶν ἐδήλωσεν ὅτι αἱ διευκολύνσεις ἀποσκοποῦν εἰς τὴν ἀνάπτυξιν τῆς ἐγχωρίου παραγωγῆς.

ΘΕΣΣΑΛΟΝΙΚΕΎΣ ΕΦΟΝΕΎΘΗ ΕΙΣ ΤΑ ΦΆΡΣΑΛΑ ΕΚ ΣΥΓΚΡΟΎΣΕΩΣ ΠΟΎΛΜΑΝ ΚΑΙ ΦΟΡΤΗΓΟΎ
ΆΛΛΟΙ 14 ΕΠΙΒΑΊΝΟΝΤΕΣ ΕΤΡΑΥΜΑΤΊΣΘΗΣΑΝ

ΛΑΡΙΣΑ, 16.— Τὴν 10ην πρωινὴν σήμερον εἰς τὴν ἐθνικὴν ὁδὸν πλησίον τῶν Φαρσάλων συνεκρούσθησαν πούλμαν καὶ φορτηγὸν αὐτοκίνητον. Ἐκ τῆς συγκρούσεως ἐφονεύθη ἐπιβάτης ἐκ Θεσσαλονίκης, ἐνῷ ἄλλοι 14 ἐπιβαίνοντες ἐτραυματίσθησαν.

Συγκρούσεις πάρα τα Φάρσαλα

Οἱ τραυματίαι μετεφέρθησαν εἰς τὸ νοσοκομεῖον Λαρίσης.

ΕΞΗΠΆΤΗΣΑΝ ΣΙΤΟΠΑΡΑΓΩΓΟΎΣ

Συνελήφθησαν δύο ἔμποροι οἱ ὁποῖοι ἐξηπάτησαν σιτοπαραγωγοὺς τῆς περιοχῆς.

Ο ΕΦΟΔΙΑΣΜΌΣ ΠΛΟΊΩΝ ΓΡΑΜΜΏΝ ΕΣΩΤΕΡΙΚΟΎ ΕΙΣ ΜΙΚΡΟΎΣ ΛΙΜΈΝΑΣ

ΑΘΗΝΑΙ, 16.— Ἀπεφασίσθη ἡ ρύθμισις τοῦ ἐφοδιασμοῦ τῶν πλοίων τῶν γραμμῶν ἐσωτερικοῦ εἰς τοὺς μικροὺς λιμένας.

Ὁ ὁδηγὸς τοῦ φορτηγοῦ συνελήφθη καὶ ὁδηγήθη εἰς τὸν εἰσαγγελέα. Κατὰ τὰς πρώτας ἐνδείξεις, ἡ σύγκρουσις ὀφείλεται εἰς ὑπερβολικὴν ταχύτητα.

ΚΑΤΆ ΤΗΝ «ΜΟΝΤ» ΤΑ ΛΕΧΘΈΝΤΑ ΥΠΌ ΤΟΥ ΛΆΜΠΟΤΖ ΑΠΟΤΕΛΟΎΝ ΠΟΛΙΤΙΚΉΝ «ΓΚΆΦΑ» ΠΡΏΤΟΥ ΜΕΓΈΘΟΥΣ

ΠΑΡΙΣΙΟΙ, 16.— Ἡ «Μὸντ» σχολιάζουσα τὰς δηλώσεις τοῦ Λάμποτζ χαρακτηρίζει αὐτὰς ὡς πολιτικὴν γκάφαν πρώτου μεγέθους ἡ ὁποία δυσχεραίνει τὰς σχέσεις μεταξὺ τῶν συμμάχων.

ΕΜΠΟΡΟΣ ΚΡΥΣΤΆΛΛΩΝ ΚΑΙ ΔΎΟ ΤΟΠΙΚΙΣΜΈΝΕΣ ΣΥΝΕΛΕΎΣΕΩΝ

Συνελήφθη ἔμπορος κρυστάλλων ὡς ὑπεύθυνος ἀπάτης εἰς βάρος συνεταίρων του.

ΠΡΟΑΓΩΓΑΊ ΣΧΟΛΕΊΩΝ ΕΙΣ ΤΟΝ ΝΟΜΌΝ ΠΈΛΛΗΣ

Ἐνεκρίθησαν αἱ προαγωγαὶ τῶν δημοδιδασκάλων τοῦ Νομοῦ Πέλλης διὰ τὸ τρέχον σχολικὸν ἔτος.

ΣΦΟΔΡΆ ΜΆΧΗ ΕΙΣ ΤΗΝ ΠΕΡΙΟΧΉΝ ΤΟΥ ΠΟΤΑΜΟΎ ΜΙΓΚΌΚ ΑΠΕΚΡΎΘΗ ΥΠΈΡ ΤΩΝ ΔΥΝΆΜΕΩΝ ΤΟΥ ΝΟΤ. ΒΙΕΤΝΆΜ

ΣΑΪΓΚΟΝ, 16.— Σφοδρὰ μάχη διεξήχθη εἰς τὴν περιοχὴν τοῦ ποταμοῦ Μιγκὸκ μεταξὺ τῶν δυνάμεων τοῦ Νοτίου Βιετνὰμ καὶ ἀνταρτῶν. Αἱ ἀπώλειαι τῶν ἀνταρτῶν ἦσαν σημαντικαί.

ΔΙΚΑΙΏΝΤΑΙ ΔΑ ΕΡΤΑΤΙ ΕΙΣ ΤΡΙΛΑΤΆΠΟΣ ΕΠΕΙΔΟΣΊΩΝ ΛΑΥΡΊΟΥ

Οἱ ἐργάται τῶν μεταλλείων Λαυρίου δικαιοῦνται ἐπιδόσεις κατόπιν ἀποφάσεως.
